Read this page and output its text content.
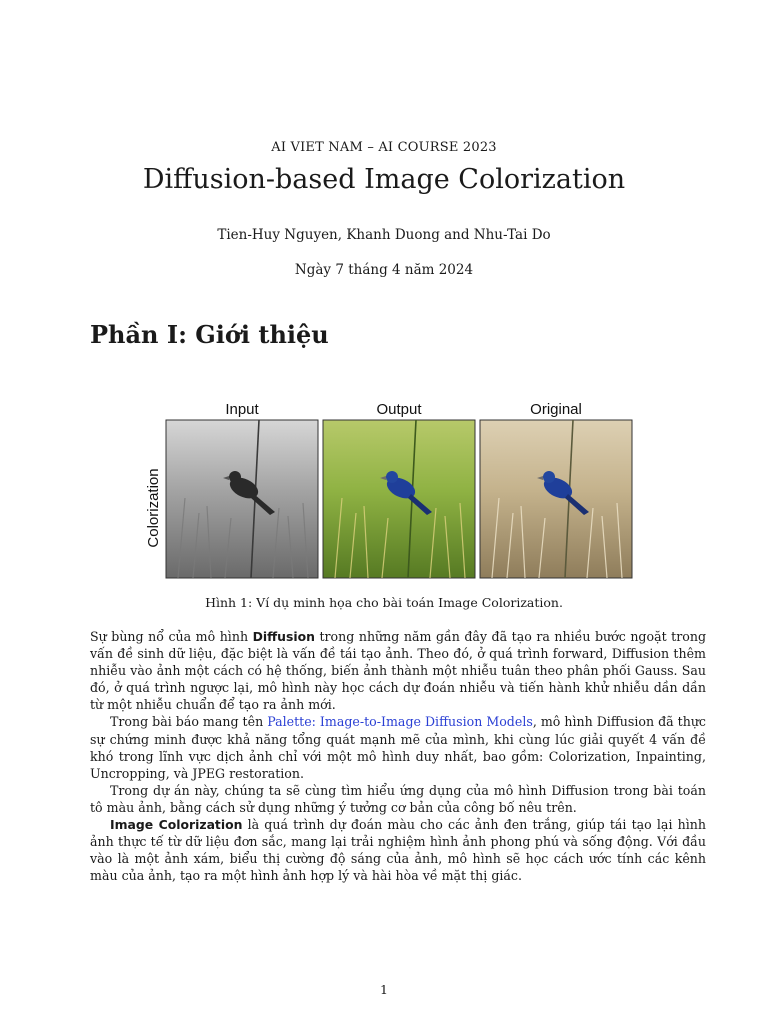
AI VIET NAM – AI COURSE 2023
Diffusion-based Image Colorization
Tien-Huy Nguyen, Khanh Duong and Nhu-Tai Do
Ngày 7 tháng 4 năm 2024
Phần I: Giới thiệu
Input	Output	Original
Colorization
Hình 1: Ví dụ minh họa cho bài toán Image Colorization.

Sự bùng nổ của mô hình Diffusion trong những năm gần đây đã tạo ra nhiều bước ngoặt trong vấn đề sinh dữ liệu, đặc biệt là vấn đề tái tạo ảnh. Theo đó, ở quá trình forward, Diffusion thêm nhiễu vào ảnh một cách có hệ thống, biến ảnh thành một nhiễu tuân theo phân phối Gauss. Sau đó, ở quá trình ngược lại, mô hình này học cách dự đoán nhiễu và tiến hành khử nhiễu dần dần từ một nhiễu chuẩn để tạo ra ảnh mới.

Trong bài báo mang tên Palette: Image-to-Image Diffusion Models, mô hình Diffusion đã thực sự chứng minh được khả năng tổng quát mạnh mẽ của mình, khi cùng lúc giải quyết 4 vấn đề khó trong lĩnh vực dịch ảnh chỉ với một mô hình duy nhất, bao gồm: Colorization, Inpainting, Uncropping, và JPEG restoration.

Trong dự án này, chúng ta sẽ cùng tìm hiểu ứng dụng của mô hình Diffusion trong bài toán tô màu ảnh, bằng cách sử dụng những ý tưởng cơ bản của công bố nêu trên.

Image Colorization là quá trình dự đoán màu cho các ảnh đen trắng, giúp tái tạo lại hình ảnh thực tế từ dữ liệu đơn sắc, mang lại trải nghiệm hình ảnh phong phú và sống động. Với đầu vào là một ảnh xám, biểu thị cường độ sáng của ảnh, mô hình sẽ học cách ước tính các kênh màu của ảnh, tạo ra một hình ảnh hợp lý và hài hòa về mặt thị giác.

1
